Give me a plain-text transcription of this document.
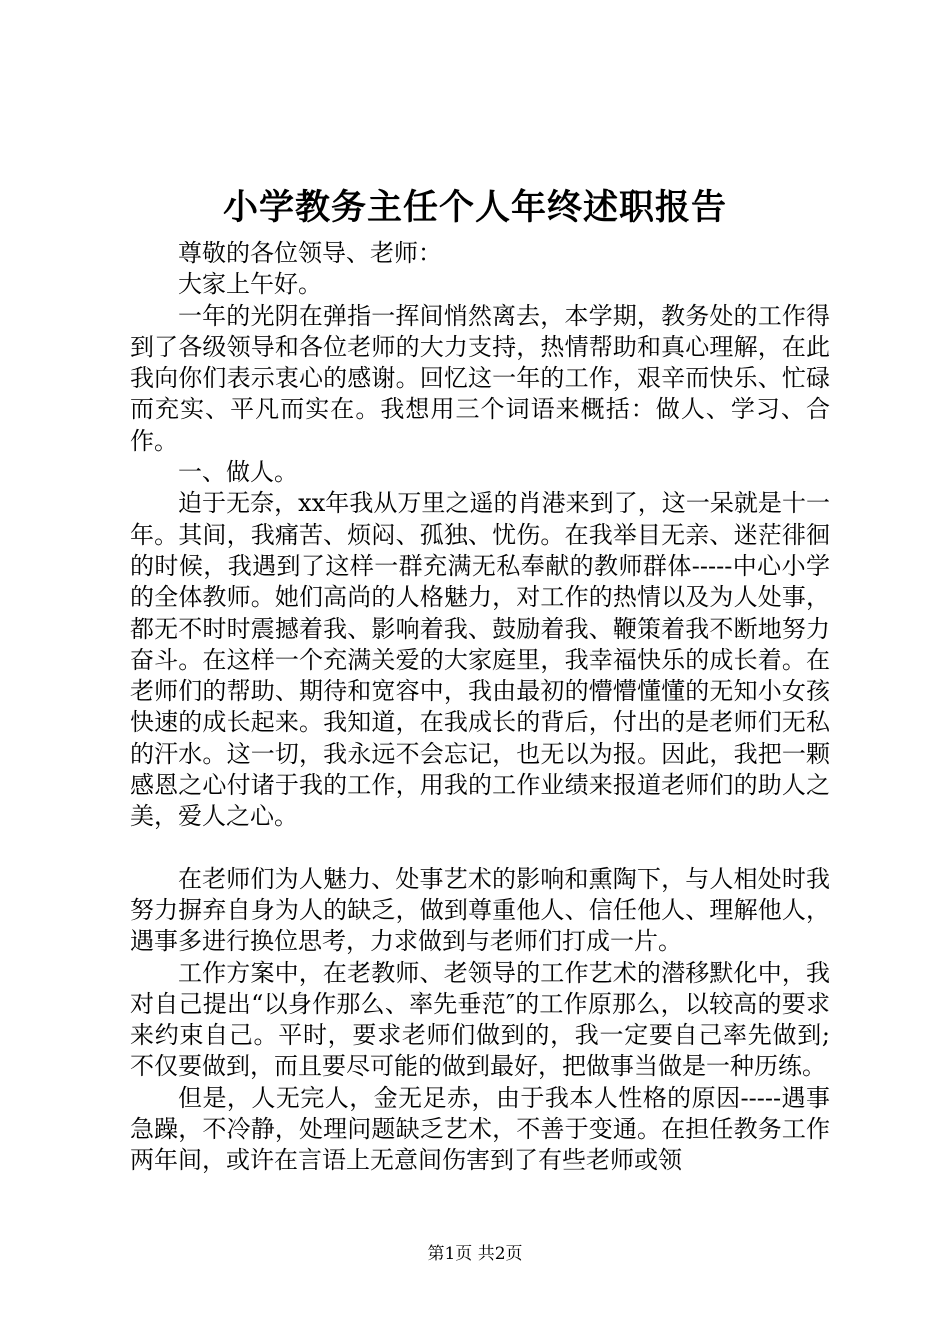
小学教务主任个人年终述职报告

尊敬的各位领导、老师：

大家上午好。

一年的光阴在弹指一挥间悄然离去，本学期，教务处的工作得到了各级领导和各位老师的大力支持，热情帮助和真心理解，在此我向你们表示衷心的感谢。回忆这一年的工作，艰辛而快乐、忙碌而充实、平凡而实在。我想用三个词语来概括：做人、学习、合作。

一、做人。

迫于无奈，xx年我从万里之遥的肖港来到了，这一呆就是十一年。其间，我痛苦、烦闷、孤独、忧伤。在我举目无亲、迷茫徘徊的时候，我遇到了这样一群充满无私奉献的教师群体-----中心小学的全体教师。她们高尚的人格魅力，对工作的热情以及为人处事，都无不时时震撼着我、影响着我、鼓励着我、鞭策着我不断地努力奋斗。在这样一个充满关爱的大家庭里，我幸福快乐的成长着。在老师们的帮助、期待和宽容中，我由最初的懵懵懂懂的无知小女孩快速的成长起来。我知道，在我成长的背后，付出的是老师们无私的汗水。这一切，我永远不会忘记，也无以为报。因此，我把一颗感恩之心付诸于我的工作，用我的工作业绩来报道老师们的助人之美，爱人之心。

在老师们为人魅力、处事艺术的影响和熏陶下，与人相处时我努力摒弃自身为人的缺乏，做到尊重他人、信任他人、理解他人，遇事多进行换位思考，力求做到与老师们打成一片。

工作方案中，在老教师、老领导的工作艺术的潜移默化中，我对自己提出“以身作那么、率先垂范″的工作原那么，以较高的要求来约束自己。平时，要求老师们做到的，我一定要自己率先做到;不仅要做到，而且要尽可能的做到最好，把做事当做是一种历练。

但是，人无完人，金无足赤，由于我本人性格的原因-----遇事急躁，不冷静，处理问题缺乏艺术，不善于变通。在担任教务工作两年间，或许在言语上无意间伤害到了有些老师或领

第1页 共2页
